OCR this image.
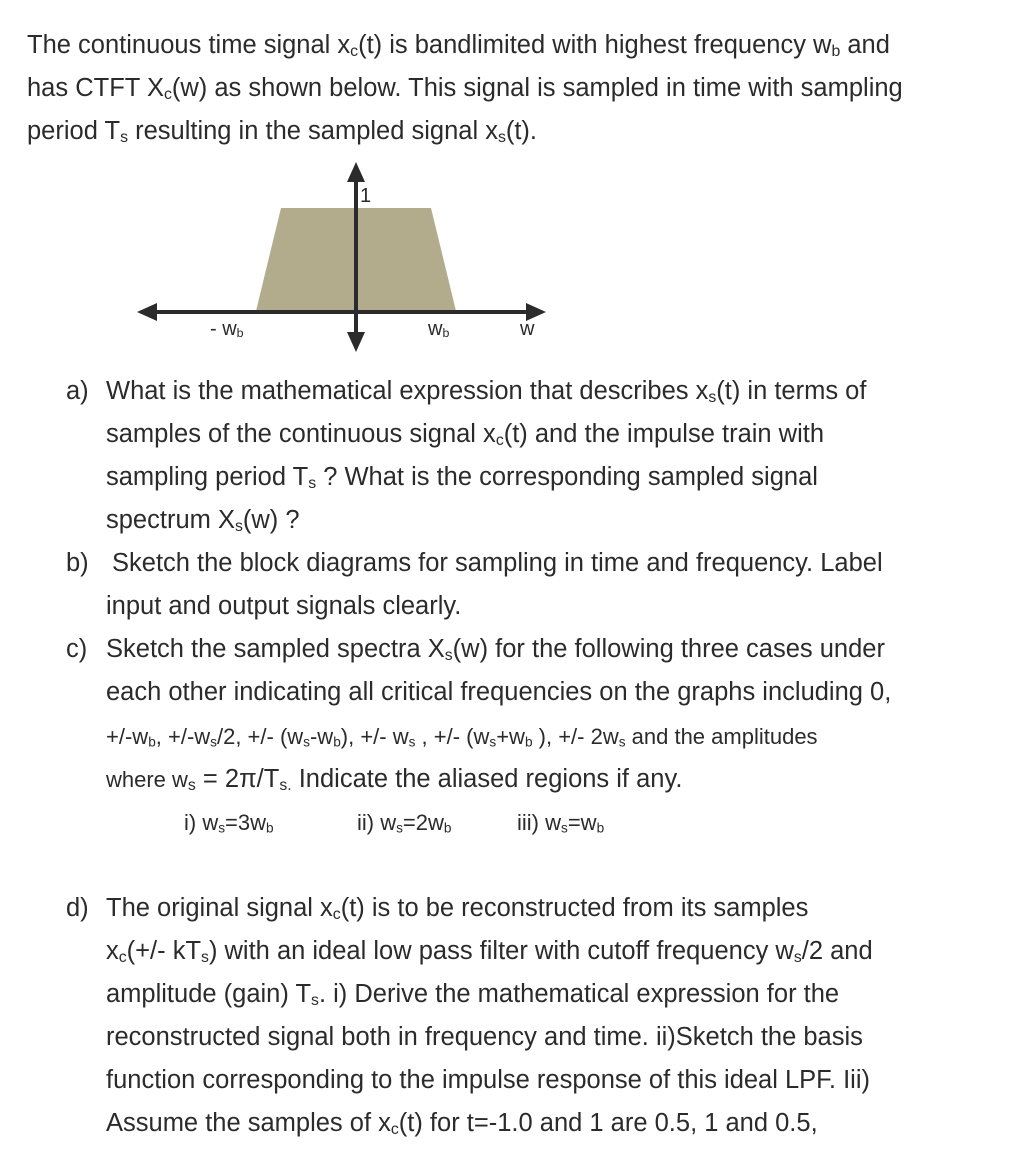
The continuous time signal $x_c(t)$ is bandlimited with highest frequency $w_b$ and
has CTFT $X_c(w)$ as shown below. This signal is sampled in time with sampling
period $T_s$ resulting in the sampled signal $x_s(t)$.
1
- $w_b$	$w_b$	w
a) What is the mathematical expression that describes $x_s(t)$ in terms of
samples of the continuous signal $x_c(t)$ and the impulse train with
sampling period $T_s$ ? What is the corresponding sampled signal
spectrum $X_s(w)$ ?
b) Sketch the block diagrams for sampling in time and frequency. Label
input and output signals clearly.
c) Sketch the sampled spectra $X_s(w)$ for the following three cases under
each other indicating all critical frequencies on the graphs including 0,
$+/-w_b$, $+/-w_s/2$, +/- $(w_s-w_b)$, +/- $w_s$ , +/- ($w_s+w_b$ ), +/- $2w_s$ and the amplitudes
where $w_s = 2\pi/T_{s.}$ Indicate the aliased regions if any.
i) $w_s=3w_b$	ii) $w_s=2w_b$	iii) $w_s=w_b$
d) The original signal $x_c(t)$ is to be reconstructed from its samples
$x_c(+/-$ $kT_s$) with an ideal low pass filter with cutoff frequency $w_s/2$ and
amplitude (gain) $T_s$. i) Derive the mathematical expression for the
reconstructed signal both in frequency and time. ii)Sketch the basis
function corresponding to the impulse response of this ideal LPF. Iii)
Assume the samples of $x_c(t)$ for t=-1.0 and 1 are 0.5, 1 and 0.5,
